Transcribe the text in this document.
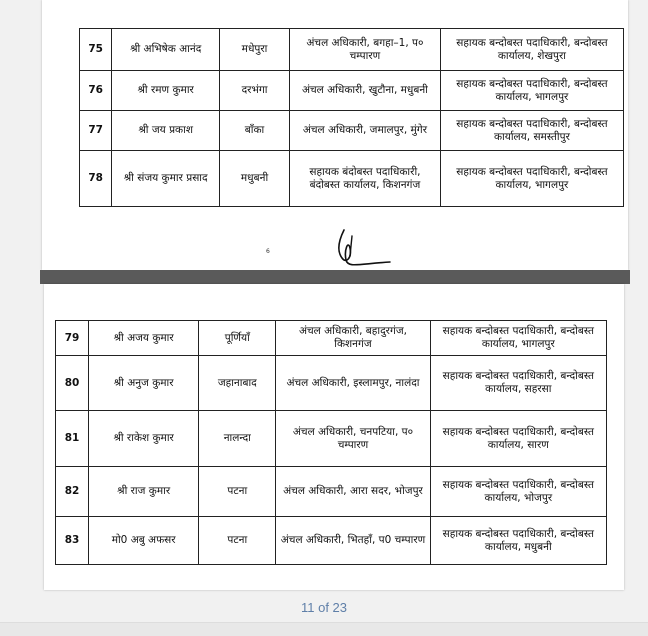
75	श्री अभिषेक आनंद	मधेपुरा	अंचल अधिकारी, बगहा–1, प० चम्पारण	सहायक बन्दोबस्त पदाधिकारी, बन्दोबस्त कार्यालय, शेखपुरा
76	श्री रमण कुमार	दरभंगा	अंचल अधिकारी, खुटौना, मधुबनी	सहायक बन्दोबस्त पदाधिकारी, बन्दोबस्त कार्यालय, भागलपुर
77	श्री जय प्रकाश	बाँका	अंचल अधिकारी, जमालपुर, मुंगेर	सहायक बन्दोबस्त पदाधिकारी, बन्दोबस्त कार्यालय, समस्तीपुर
78	श्री संजय कुमार प्रसाद	मधुबनी	सहायक बंदोबस्त पदाधिकारी, बंदोबस्त कार्यालय, किशनगंज	सहायक बन्दोबस्त पदाधिकारी, बन्दोबस्त कार्यालय, भागलपुर
6
79	श्री अजय कुमार	पूर्णियाँ	अंचल अधिकारी, बहादुरगंज, किशनगंज	सहायक बन्दोबस्त पदाधिकारी, बन्दोबस्त कार्यालय, भागलपुर
80	श्री अनुज कुमार	जहानाबाद	अंचल अधिकारी, इस्लामपुर, नालंदा	सहायक बन्दोबस्त पदाधिकारी, बन्दोबस्त कार्यालय, सहरसा
81	श्री राकेश कुमार	नालन्दा	अंचल अधिकारी, चनपटिया, प० चम्पारण	सहायक बन्दोबस्त पदाधिकारी, बन्दोबस्त कार्यालय, सारण
82	श्री राज कुमार	पटना	अंचल अधिकारी, आरा सदर, भोजपुर	सहायक बन्दोबस्त पदाधिकारी, बन्दोबस्त कार्यालय, भोजपुर
83	मो0 अबु अफसर	पटना	अंचल अधिकारी, भितहाँ, प0 चम्पारण	सहायक बन्दोबस्त पदाधिकारी, बन्दोबस्त कार्यालय, मधुबनी
11 of 23
